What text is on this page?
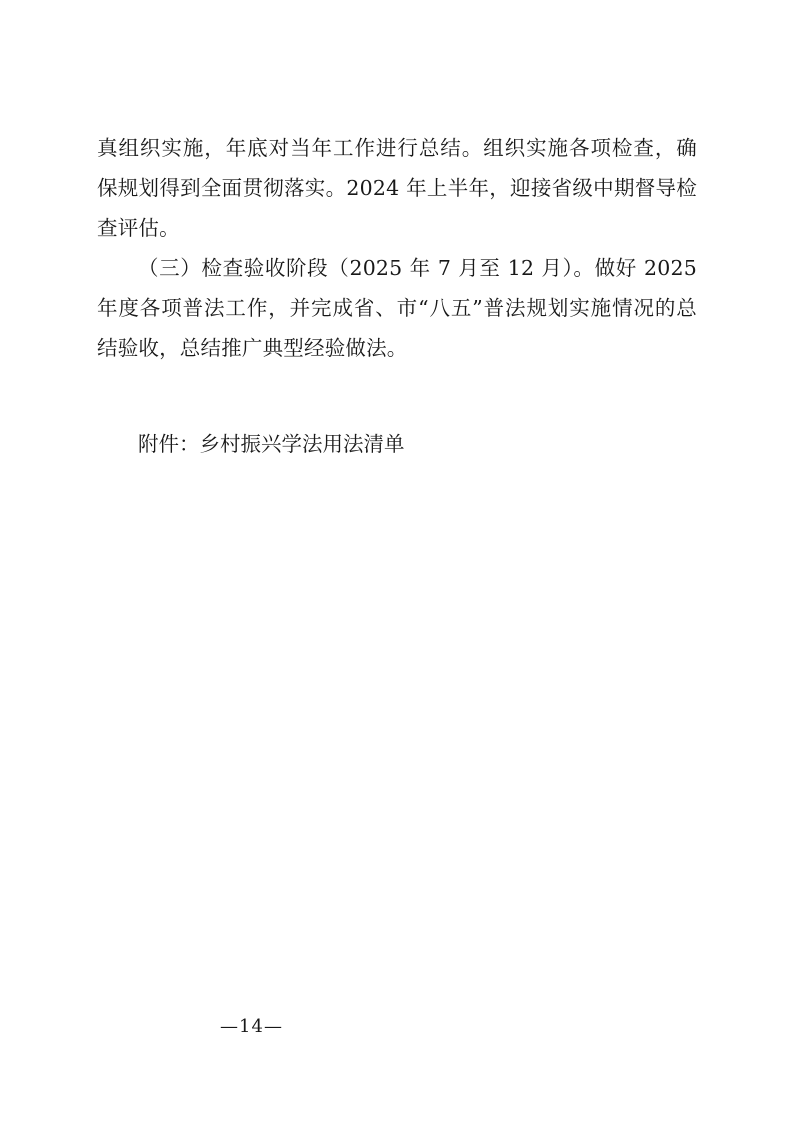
真组织实施，年底对当年工作进行总结。组织实施各项检查，确保规划得到全面贯彻落实。2024 年上半年，迎接省级中期督导检查评估。

（三）检查验收阶段（2025 年 7 月至 12 月）。做好 2025 年度各项普法工作，并完成省、市“八五”普法规划实施情况的总结验收，总结推广典型经验做法。

附件：乡村振兴学法用法清单

—14—
